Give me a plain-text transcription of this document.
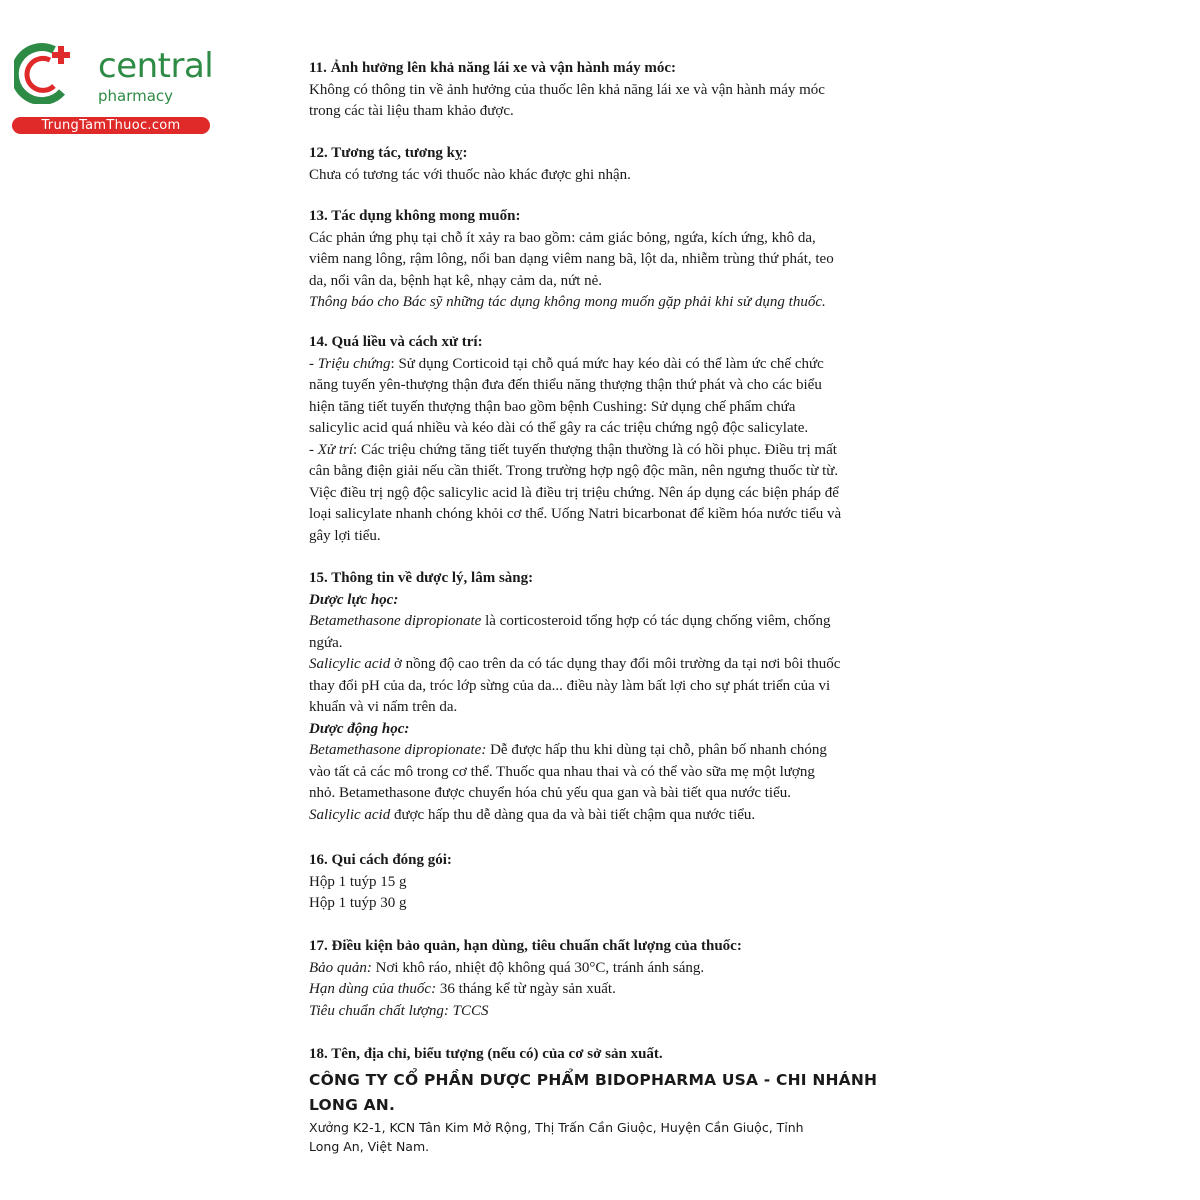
central
pharmacy
TrungTamThuoc.com
11. Ảnh hưởng lên khả năng lái xe và vận hành máy móc:
Không có thông tin về ảnh hưởng của thuốc lên khả năng lái xe và vận hành máy móc
trong các tài liệu tham khảo được.
12. Tương tác, tương kỵ:
Chưa có tương tác với thuốc nào khác được ghi nhận.
13. Tác dụng không mong muốn:
Các phản ứng phụ tại chỗ ít xảy ra bao gồm: cảm giác bỏng, ngứa, kích ứng, khô da,
viêm nang lông, rậm lông, nổi ban dạng viêm nang bã, lột da, nhiễm trùng thứ phát, teo
da, nổi vân da, bệnh hạt kê, nhạy cảm da, nứt nẻ.
Thông báo cho Bác sỹ những tác dụng không mong muốn gặp phải khi sử dụng thuốc.
14. Quá liều và cách xử trí:
- Triệu chứng: Sử dụng Corticoid tại chỗ quá mức hay kéo dài có thể làm ức chế chức
năng tuyến yên-thượng thận đưa đến thiểu năng thượng thận thứ phát và cho các biểu
hiện tăng tiết tuyến thượng thận bao gồm bệnh Cushing: Sử dụng chế phẩm chứa
salicylic acid quá nhiều và kéo dài có thể gây ra các triệu chứng ngộ độc salicylate.
- Xử trí: Các triệu chứng tăng tiết tuyến thượng thận thường là có hồi phục. Điều trị mất
cân bằng điện giải nếu cần thiết. Trong trường hợp ngộ độc mãn, nên ngưng thuốc từ từ.
Việc điều trị ngộ độc salicylic acid là điều trị triệu chứng. Nên áp dụng các biện pháp để
loại salicylate nhanh chóng khỏi cơ thể. Uống Natri bicarbonat để kiềm hóa nước tiểu và
gây lợi tiểu.
15. Thông tin về dược lý, lâm sàng:
Dược lực học:
Betamethasone dipropionate là corticosteroid tổng hợp có tác dụng chống viêm, chống
ngứa.
Salicylic acid ở nồng độ cao trên da có tác dụng thay đổi môi trường da tại nơi bôi thuốc
thay đổi pH của da, tróc lớp sừng của da... điều này làm bất lợi cho sự phát triển của vi
khuẩn và vi nấm trên da.
Dược động học:
Betamethasone dipropionate: Dễ được hấp thu khi dùng tại chỗ, phân bố nhanh chóng
vào tất cả các mô trong cơ thể. Thuốc qua nhau thai và có thể vào sữa mẹ một lượng
nhỏ. Betamethasone được chuyển hóa chủ yếu qua gan và bài tiết qua nước tiểu.
Salicylic acid được hấp thu dễ dàng qua da và bài tiết chậm qua nước tiểu.
16. Qui cách đóng gói:
Hộp 1 tuýp 15 g
Hộp 1 tuýp 30 g
17. Điều kiện bảo quản, hạn dùng, tiêu chuẩn chất lượng của thuốc:
Bảo quản: Nơi khô ráo, nhiệt độ không quá 30°C, tránh ánh sáng.
Hạn dùng của thuốc: 36 tháng kể từ ngày sản xuất.
Tiêu chuẩn chất lượng: TCCS
18. Tên, địa chỉ, biểu tượng (nếu có) của cơ sở sản xuất.
CÔNG TY CỔ PHẦN DƯỢC PHẨM BIDOPHARMA USA - CHI NHÁNH
LONG AN.
Xưởng K2-1, KCN Tân Kim Mở Rộng, Thị Trấn Cần Giuộc, Huyện Cần Giuộc, Tỉnh
Long An, Việt Nam.
